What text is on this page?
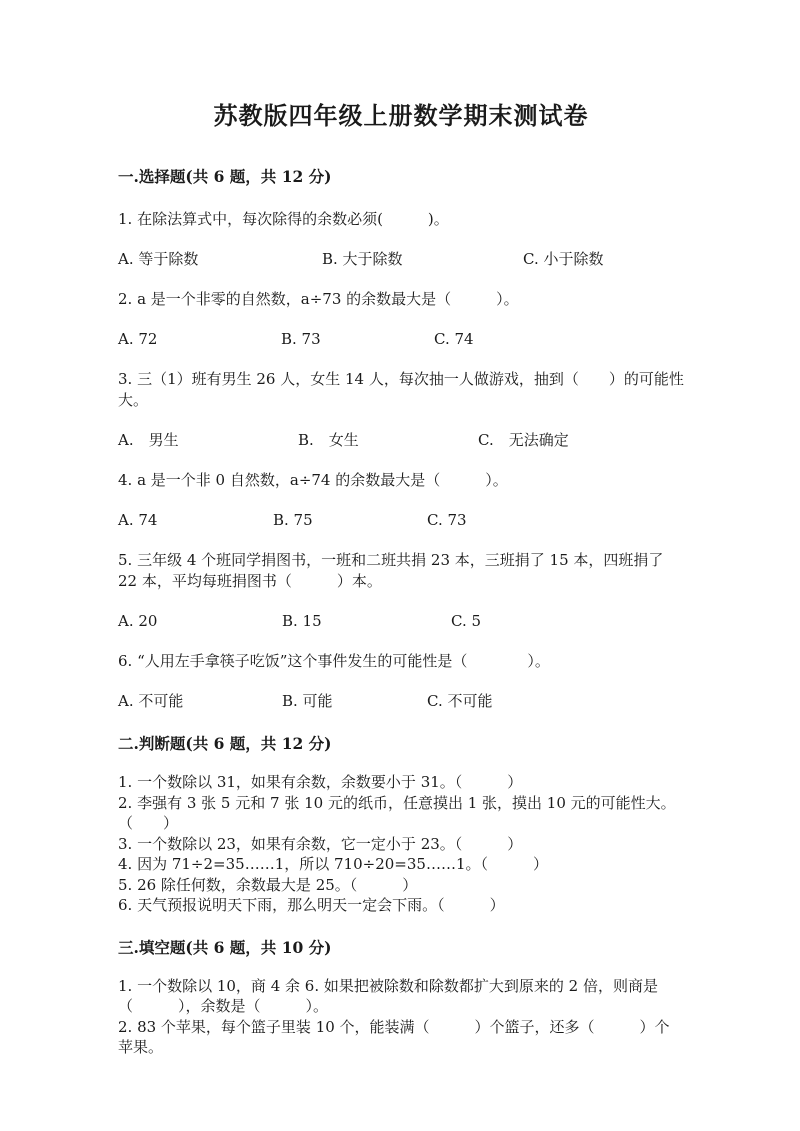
苏教版四年级上册数学期末测试卷
一.选择题(共 6 题，共 12 分)

1. 在除法算式中，每次除得的余数必须(　　　)。

A. 等于除数	B. 大于除数	C. 小于除数

2. a 是一个非零的自然数，a÷73 的余数最大是（　　　）。

A. 72	B. 73	C. 74

3. 三（1）班有男生 26 人，女生 14 人，每次抽一人做游戏，抽到（　　）的可能性大。

A.　男生	B.　女生	C.　无法确定

4. a 是一个非 0 自然数，a÷74 的余数最大是（　　　）。

A. 74	B. 75	C. 73

5. 三年级 4 个班同学捐图书，一班和二班共捐 23 本，三班捐了 15 本，四班捐了 22 本，平均每班捐图书（　　　）本。

A. 20	B. 15	C. 5

6. “人用左手拿筷子吃饭”这个事件发生的可能性是（　　　　）。

A. 不可能	B. 可能	C. 不可能
二.判断题(共 6 题，共 12 分)

1. 一个数除以 31，如果有余数，余数要小于 31。（　　　）

2. 李强有 3 张 5 元和 7 张 10 元的纸币，任意摸出 1 张，摸出 10 元的可能性大。　　（　　）

3. 一个数除以 23，如果有余数，它一定小于 23。（　　　）

4. 因为 71÷2=35……1，所以 710÷20=35……1。（　　　）

5. 26 除任何数，余数最大是 25。（　　　）

6. 天气预报说明天下雨，那么明天一定会下雨。（　　　）

三.填空题(共 6 题，共 10 分)

1. 一个数除以 10，商 4 余 6. 如果把被除数和除数都扩大到原来的 2 倍，则商是（　　　），余数是（　　　）。

2. 83 个苹果，每个篮子里装 10 个，能装满（　　　）个篮子，还多（　　　）个苹果。
